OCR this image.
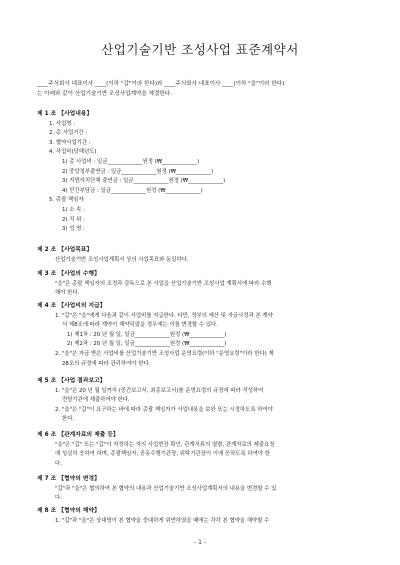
산업기술기반 조성사업 표준계약서
____주식회사 대표이사 ____(이하 "갑"이라 한다)와 ____주식회사 대표이사 ____(이하 "을"이라 한다)
는 아래와 같이 산업기술기반 조성사업계약을 체결한다.
제 1 조 【사업내용】
1. 사업명 :
2. 총 사업기간 :
3. 협약사업기간 :
4. 사업비(당해년도)
1) 총 사업비 : 일금_____________원정 (₩_____________)
2) 중앙정부출연금 : 일금_____________원정 (₩_____________)
3) 지방자치단체 출연금 : 일금_____________원정 (₩_____________)
4) 민간부담금 : 일금_____________원정 (₩_____________)
5. 총괄 책임자
1) 소 속 :
2) 직 위 :
3) 성 명 :
제 2 조 【사업목표】
산업기술기반 조성사업계획서 상의 사업목표와 동일하다.
제 3 조 【사업의 수행】
"을"은 총괄 책임자의 조정과 감독으로 본 사업을 산업기술기반 조성사업 계획서에 따라 수행
해야 한다.
제 4 조 【사업비의 지급】
1. "갑"은 "을"에게 다음과 같이 사업비를 지급한다. 다만, 정부의 예산 및 자금사정과 본 계약
서 제8조에 따라 계약이 해약되었을 경우에는 이를 변경할 수 있다.
1) 제1차 : 20 년 월 일, 일금_____________원정 (₩_____________)
2) 제2차 : 20 년 월 일, 일금_____________원정 (₩_____________)
2. "을"은 자금 받은 사업비를 산업기술기반 조성사업 운영요령(이하 "운영요령"이라 한다) 제
28조의 규정에 따라 관리하여야 한다.
제 5 조 【사업 결과보고】
1. "을"은 20 년 월 일까지 (중간보고서, 최종보고서)를 운영요령의 규정에 따라 작성하여
전담기관에 제출하여야 한다.
2. "을"은 "갑"이 요구하는 바에 따라 총괄 책임자가 사업내용을 보완 또는 시정하도록 하여야
한다.
제 6 조 【관계자료의 제출 등】
"을"은 "갑" 또는 "갑"이 지정하는 자의 사업현장 확인, 관계서류의 열람, 관계자료의 제출요청
에 성실히 응하여 하며, 총괄책임자, 공동수행기관장, 위탁기관장이 이에 응하도록 하여야 한
다.
제 7 조 【협약의 변경】
"갑"과 "을"은 협의하여 본 협약의 내용과 산업기술기반 조성사업계획서의 내용을 변경할 수 있
다.
제 8 조 【협약의 해약】
1. "갑"과 "을"은 상대방이 본 협약을 중대하게 위반하였을 때에는 각각 본 협약을 해약할 수
- 1 -
